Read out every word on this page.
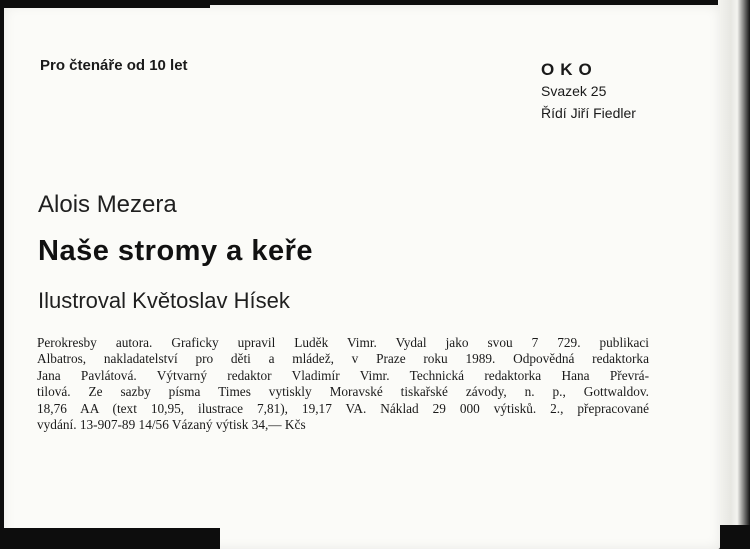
Pro čtenáře od 10 let	OKO
Svazek 25
Řídí Jiří Fiedler
Alois Mezera
Naše stromy a keře
Ilustroval Květoslav Hísek
Perokresby autora. Graficky upravil Luděk Vimr. Vydal jako svou 7 729. publikaci
Albatros, nakladatelství pro děti a mládež, v Praze roku 1989. Odpovědná redaktorka
Jana Pavlátová. Výtvarný redaktor Vladimír Vimr. Technická redaktorka Hana Převrá-
tilová. Ze sazby písma Times vytiskly Moravské tiskařské závody, n. p., Gottwaldov.
18,76 AA (text 10,95, ilustrace 7,81), 19,17 VA. Náklad 29 000 výtisků. 2., přepracované
vydání. 13-907-89 14/56 Vázaný výtisk 34,— Kčs
